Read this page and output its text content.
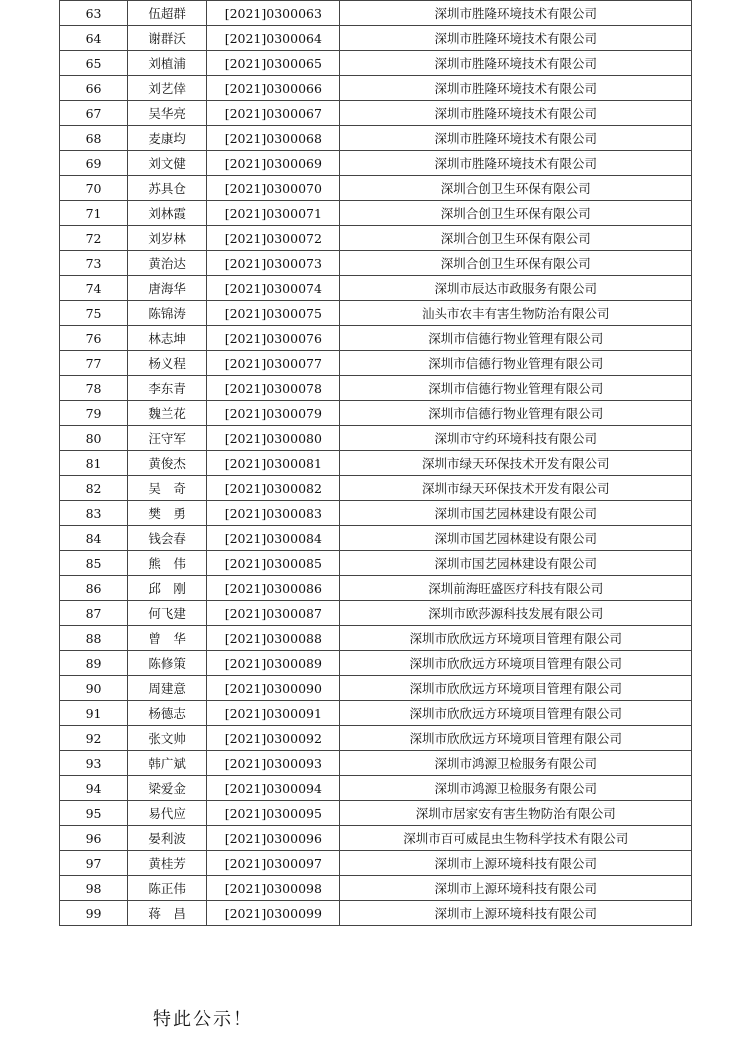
63	伍超群	[2021]0300063	深圳市胜隆环境技术有限公司
64	谢群沃	[2021]0300064	深圳市胜隆环境技术有限公司
65	刘植浦	[2021]0300065	深圳市胜隆环境技术有限公司
66	刘艺倖	[2021]0300066	深圳市胜隆环境技术有限公司
67	吴华亮	[2021]0300067	深圳市胜隆环境技术有限公司
68	麦康均	[2021]0300068	深圳市胜隆环境技术有限公司
69	刘文健	[2021]0300069	深圳市胜隆环境技术有限公司
70	苏具仓	[2021]0300070	深圳合创卫生环保有限公司
71	刘林霞	[2021]0300071	深圳合创卫生环保有限公司
72	刘岁林	[2021]0300072	深圳合创卫生环保有限公司
73	黄治达	[2021]0300073	深圳合创卫生环保有限公司
74	唐海华	[2021]0300074	深圳市辰达市政服务有限公司
75	陈锦涛	[2021]0300075	汕头市农丰有害生物防治有限公司
76	林志坤	[2021]0300076	深圳市信德行物业管理有限公司
77	杨义程	[2021]0300077	深圳市信德行物业管理有限公司
78	李东青	[2021]0300078	深圳市信德行物业管理有限公司
79	魏兰花	[2021]0300079	深圳市信德行物业管理有限公司
80	汪守军	[2021]0300080	深圳市守约环境科技有限公司
81	黄俊杰	[2021]0300081	深圳市绿天环保技术开发有限公司
82	吴　奇	[2021]0300082	深圳市绿天环保技术开发有限公司
83	樊　勇	[2021]0300083	深圳市国艺园林建设有限公司
84	钱会春	[2021]0300084	深圳市国艺园林建设有限公司
85	熊　伟	[2021]0300085	深圳市国艺园林建设有限公司
86	邱　刚	[2021]0300086	深圳前海旺盛医疗科技有限公司
87	何飞建	[2021]0300087	深圳市欧莎源科技发展有限公司
88	曾　华	[2021]0300088	深圳市欣欣远方环境项目管理有限公司
89	陈修策	[2021]0300089	深圳市欣欣远方环境项目管理有限公司
90	周建意	[2021]0300090	深圳市欣欣远方环境项目管理有限公司
91	杨德志	[2021]0300091	深圳市欣欣远方环境项目管理有限公司
92	张文帅	[2021]0300092	深圳市欣欣远方环境项目管理有限公司
93	韩广斌	[2021]0300093	深圳市鸿源卫检服务有限公司
94	梁爱金	[2021]0300094	深圳市鸿源卫检服务有限公司
95	易代应	[2021]0300095	深圳市居家安有害生物防治有限公司
96	晏利波	[2021]0300096	深圳市百可威昆虫生物科学技术有限公司
97	黄桂芳	[2021]0300097	深圳市上源环境科技有限公司
98	陈正伟	[2021]0300098	深圳市上源环境科技有限公司
99	蒋　昌	[2021]0300099	深圳市上源环境科技有限公司
特此公示！
